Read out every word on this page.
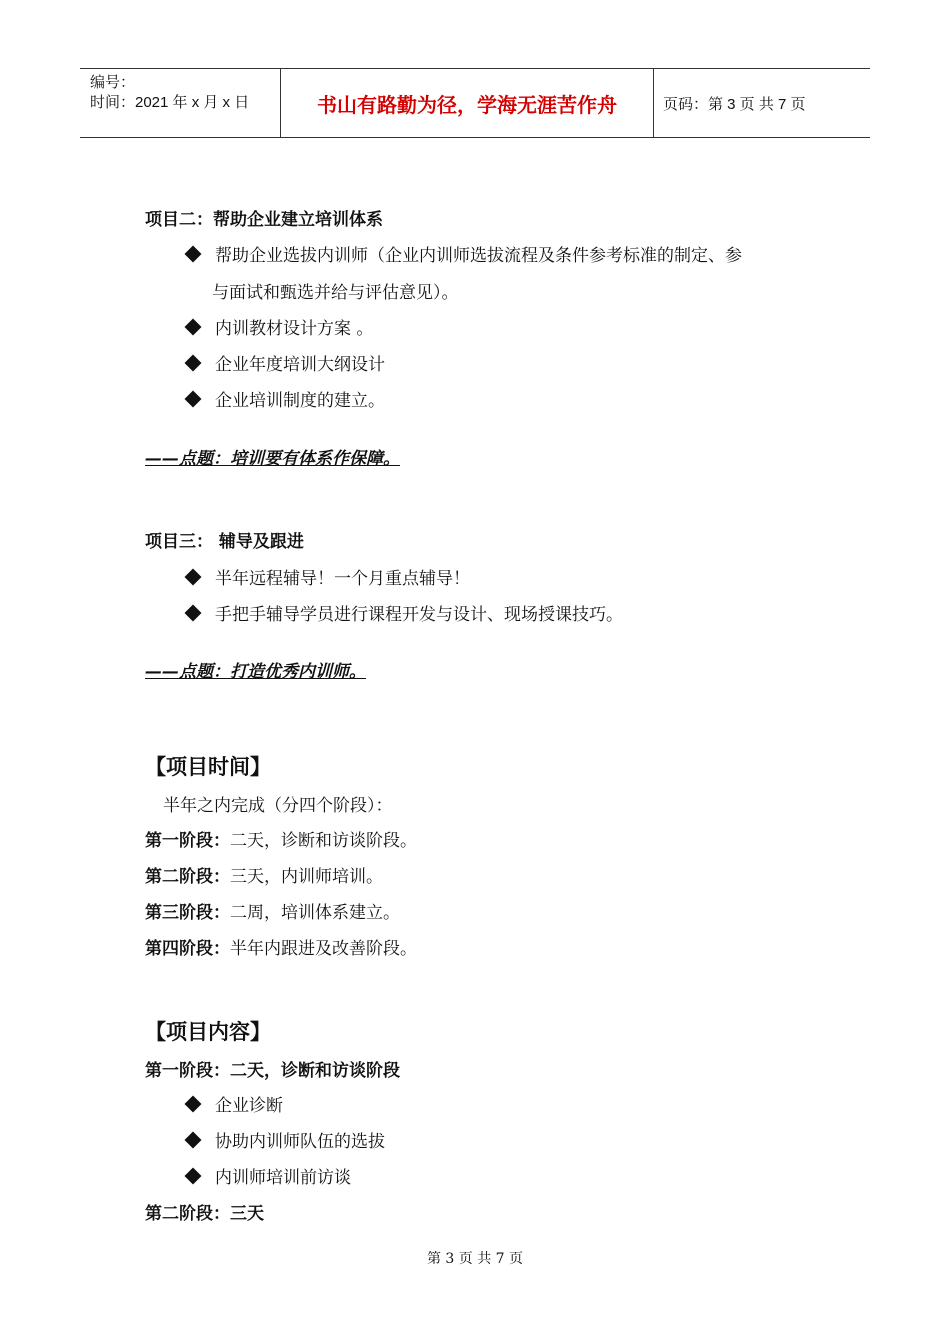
编号：
时间：2021 年 x 月 x 日	书山有路勤为径，学海无涯苦作舟	页码：第 3 页 共 7 页
项目二：帮助企业建立培训体系
帮助企业选拔内训师（企业内训师选拔流程及条件参考标准的制定、参
与面试和甄选并给与评估意见）。
内训教材设计方案 。
企业年度培训大纲设计
企业培训制度的建立。
——点题：培训要有体系作保障。
项目三： 辅导及跟进
半年远程辅导！一个月重点辅导！
手把手辅导学员进行课程开发与设计、现场授课技巧。
——点题：打造优秀内训师。
【项目时间】
半年之内完成（分四个阶段）：
第一阶段：二天，诊断和访谈阶段。
第二阶段：三天，内训师培训。
第三阶段：二周，培训体系建立。
第四阶段：半年内跟进及改善阶段。
【项目内容】
第一阶段：二天，诊断和访谈阶段
企业诊断
协助内训师队伍的选拔
内训师培训前访谈
第二阶段：三天
第 3 页 共 7 页
